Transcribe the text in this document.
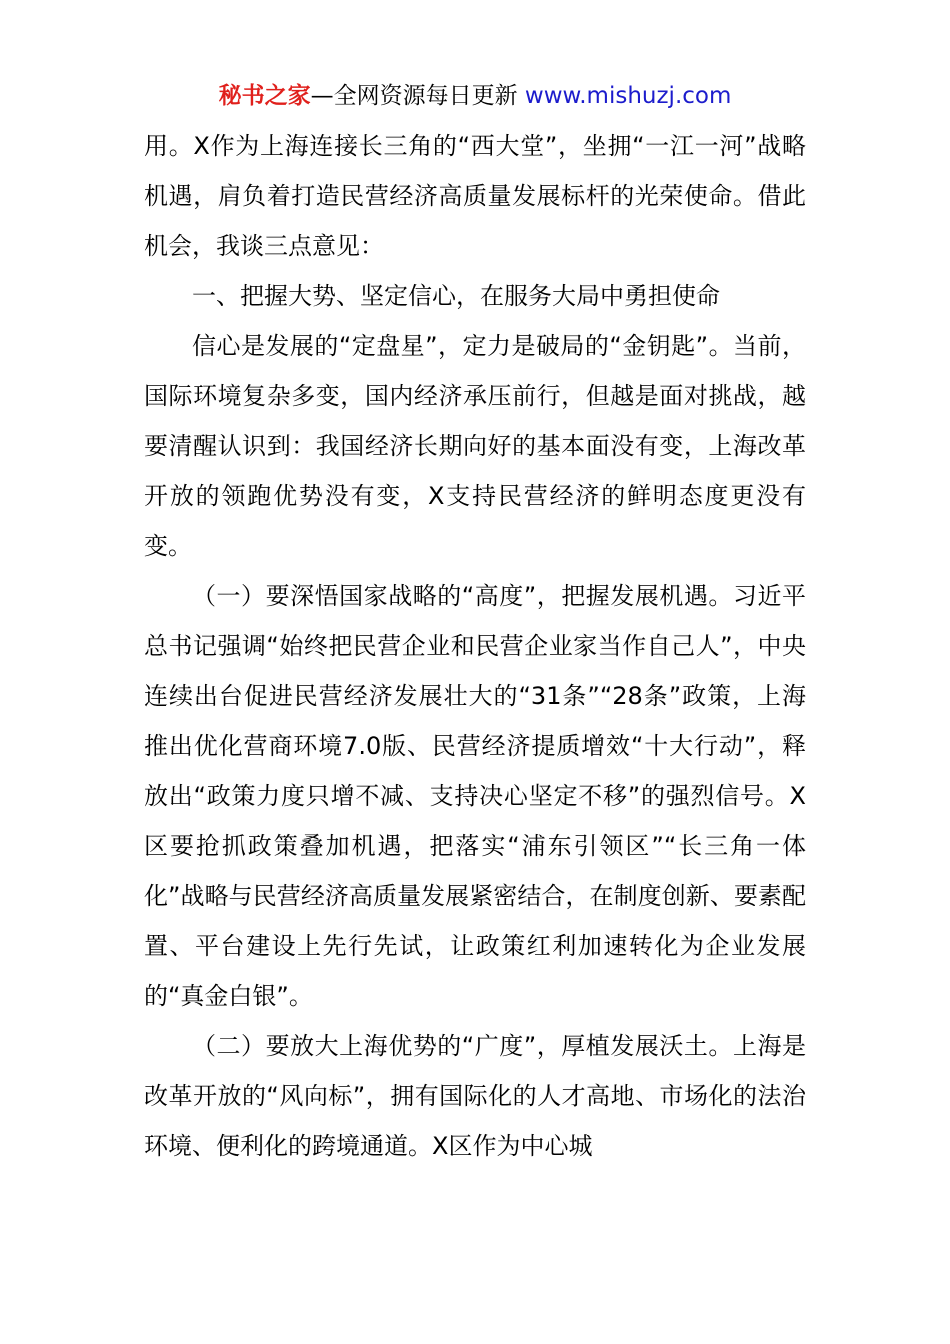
秘书之家—全网资源每日更新 www.mishuzj.com

用。X作为上海连接长三角的“西大堂”，坐拥“一江一河”战略机遇，肩负着打造民营经济高质量发展标杆的光荣使命。借此机会，我谈三点意见：

一、把握大势、坚定信心，在服务大局中勇担使命

信心是发展的“定盘星”，定力是破局的“金钥匙”。当前，国际环境复杂多变，国内经济承压前行，但越是面对挑战，越要清醒认识到：我国经济长期向好的基本面没有变，上海改革开放的领跑优势没有变，X支持民营经济的鲜明态度更没有变。

（一）要深悟国家战略的“高度”，把握发展机遇。习近平总书记强调“始终把民营企业和民营企业家当作自己人”，中央连续出台促进民营经济发展壮大的“31条”“28条”政策，上海推出优化营商环境7.0版、民营经济提质增效“十大行动”，释放出“政策力度只增不减、支持决心坚定不移”的强烈信号。X区要抢抓政策叠加机遇，把落实“浦东引领区”“长三角一体化”战略与民营经济高质量发展紧密结合，在制度创新、要素配置、平台建设上先行先试，让政策红利加速转化为企业发展的“真金白银”。

（二）要放大上海优势的“广度”，厚植发展沃土。上海是改革开放的“风向标”，拥有国际化的人才高地、市场化的法治环境、便利化的跨境通道。X区作为中心城
